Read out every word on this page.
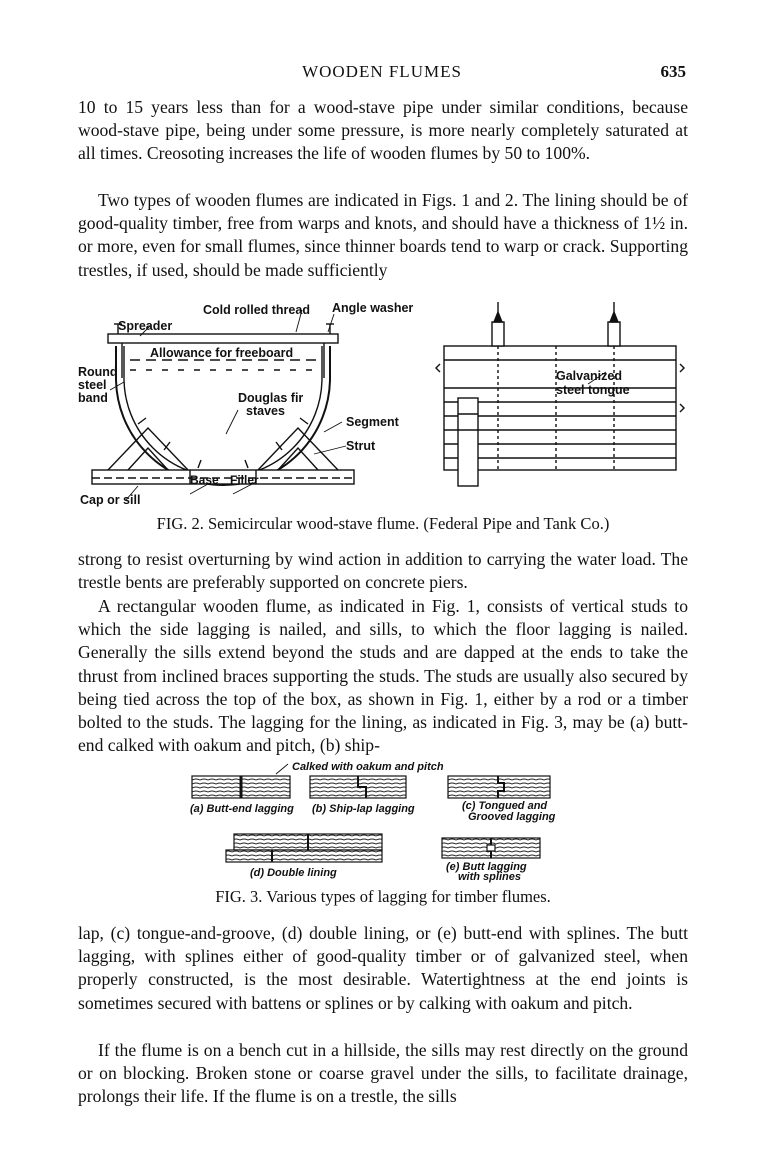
WOODEN FLUMES	635

10 to 15 years less than for a wood-stave pipe under similar conditions, because wood-stave pipe, being under some pressure, is more nearly completely saturated at all times. Creosoting increases the life of wooden flumes by 50 to 100%.

Two types of wooden flumes are indicated in Figs. 1 and 2. The lining should be of good-quality timber, free from warps and knots, and should have a thickness of 1½ in. or more, even for small flumes, since thinner boards tend to warp or crack. Supporting trestles, if used, should be made sufficiently

Spreader
Cold rolled thread Angle washer
Allowance for freeboard
Round
steel
band	Douglas fir
staves
Segment
Strut
Base Filler
Cap or sill
Galvanized
steel tongue

FIG. 2. Semicircular wood-stave flume. (Federal Pipe and Tank Co.)

strong to resist overturning by wind action in addition to carrying the water load. The trestle bents are preferably supported on concrete piers.

A rectangular wooden flume, as indicated in Fig. 1, consists of vertical studs to which the side lagging is nailed, and sills, to which the floor lagging is nailed. Generally the sills extend beyond the studs and are dapped at the ends to take the thrust from inclined braces supporting the studs. The studs are usually also secured by being tied across the top of the box, as shown in Fig. 1, either by a rod or a timber bolted to the studs. The lagging for the lining, as indicated in Fig. 3, may be (a) butt-end calked with oakum and pitch, (b) ship-

Calked with oakum and pitch
(a) Butt-end lagging (b) Ship-lap lagging	(c) Tongued and
Grooved lagging
(d) Double lining	(e) Butt lagging
with splines

FIG. 3. Various types of lagging for timber flumes.

lap, (c) tongue-and-groove, (d) double lining, or (e) butt-end with splines. The butt lagging, with splines either of good-quality timber or of galvanized steel, when properly constructed, is the most desirable. Watertightness at the end joints is sometimes secured with battens or splines or by calking with oakum and pitch.

If the flume is on a bench cut in a hillside, the sills may rest directly on the ground or on blocking. Broken stone or coarse gravel under the sills, to facilitate drainage, prolongs their life. If the flume is on a trestle, the sills
